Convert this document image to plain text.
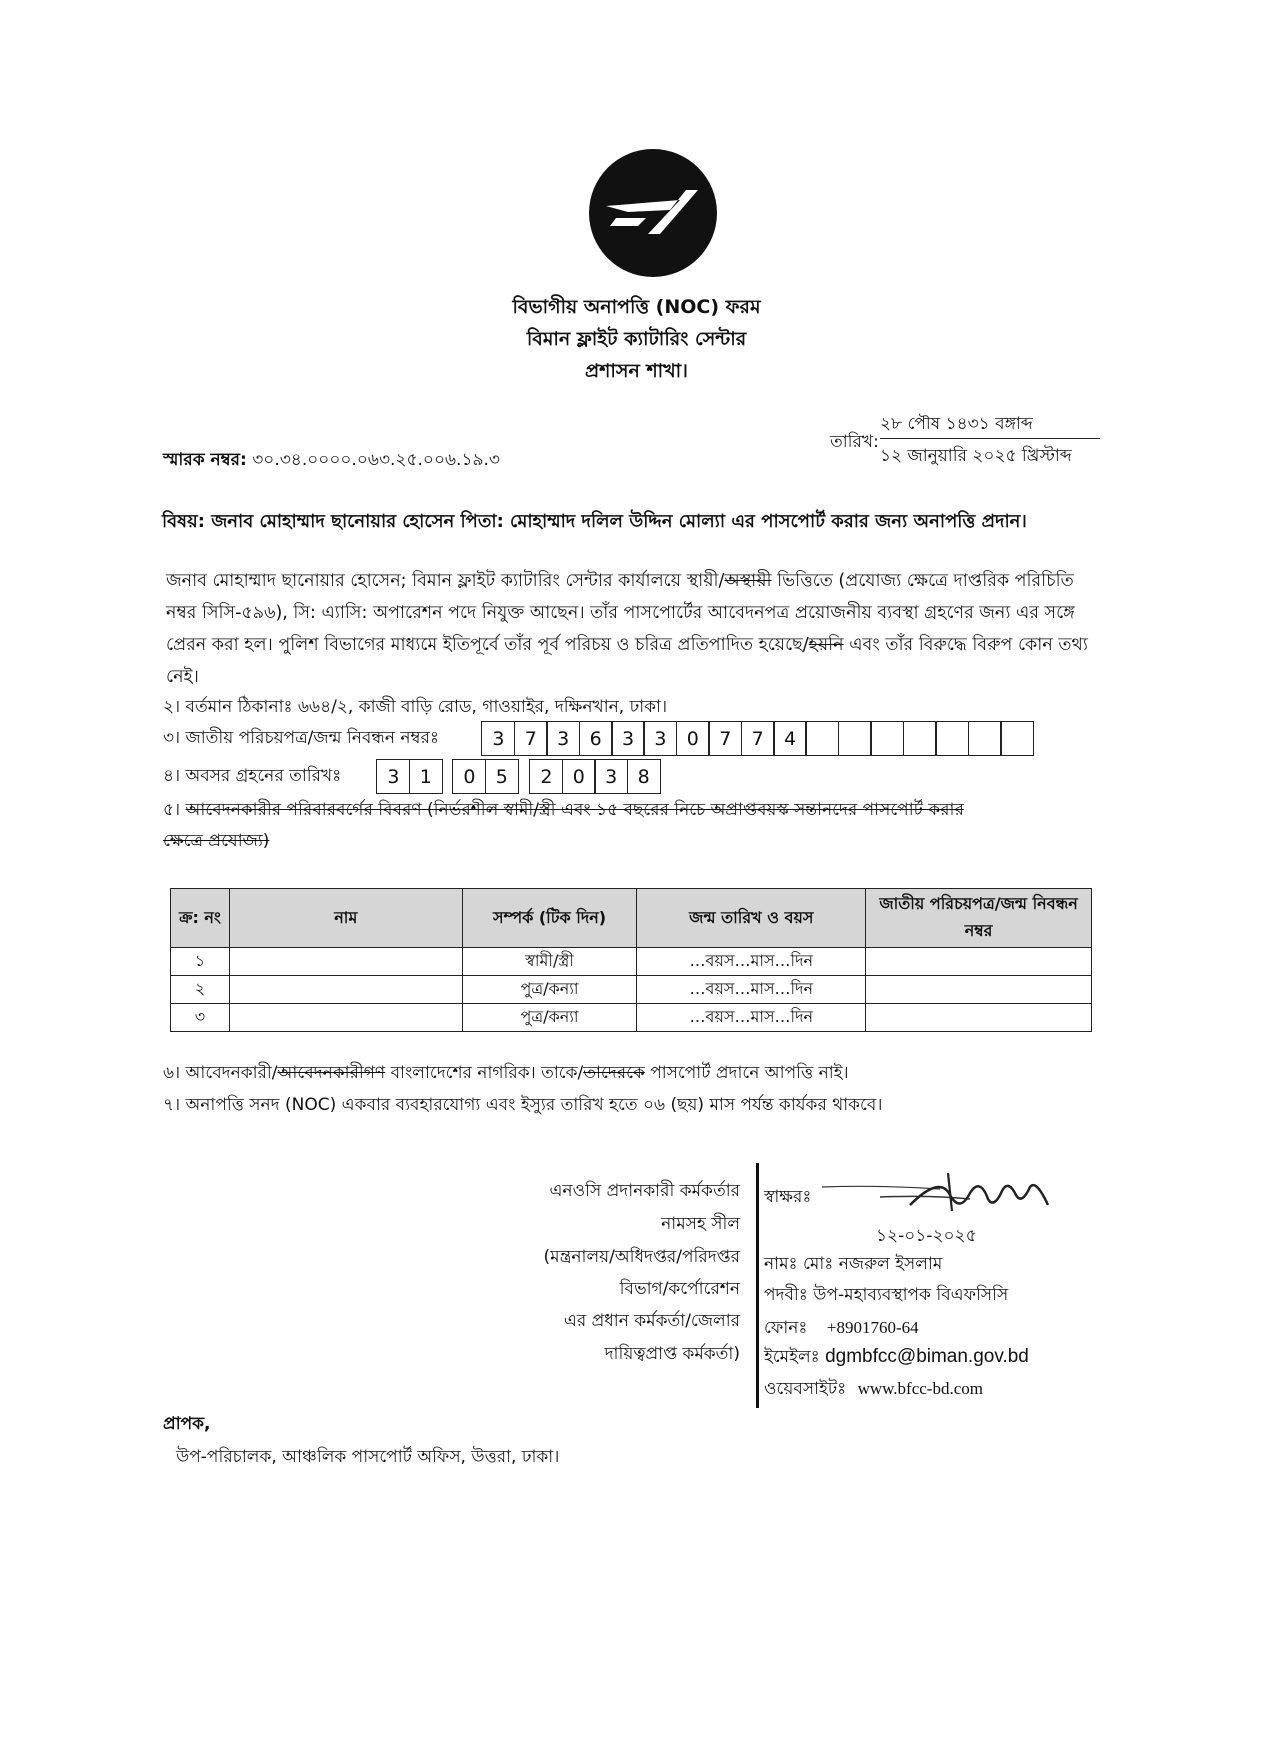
বিভাগীয় অনাপত্তি (NOC) ফরম
বিমান ফ্লাইট ক্যাটারিং সেন্টার
প্রশাসন শাখা।
স্মারক নম্বর: ৩০.৩৪.০০০০.০৬৩.২৫.০০৬.১৯.৩
তারিখ:
২৮ পৌষ ১৪৩১ বঙ্গাব্দ
১২ জানুয়ারি ২০২৫ খ্রিস্টাব্দ
বিষয়: জনাব মোহাম্মাদ ছানোয়ার হোসেন পিতা: মোহাম্মাদ দলিল উদ্দিন মোল্যা এর পাসপোর্ট করার জন্য অনাপত্তি প্রদান।
জনাব মোহাম্মাদ ছানোয়ার হোসেন; বিমান ফ্লাইট ক্যাটারিং সেন্টার কার্যালয়ে স্থায়ী/অস্থায়ী ভিত্তিতে (প্রযোজ্য ক্ষেত্রে দাপ্তরিক পরিচিতি নম্বর সিসি-৫৯৬), সি: এ্যাসি: অপারেশন পদে নিযুক্ত আছেন। তাঁর পাসপোর্টের আবেদনপত্র প্রয়োজনীয় ব্যবস্থা গ্রহণের জন্য এর সঙ্গে প্রেরন করা হল। পুলিশ বিভাগের মাধ্যমে ইতিপূর্বে তাঁর পূর্ব পরিচয় ও চরিত্র প্রতিপাদিত হয়েছে/হয়নি এবং তাঁর বিরুদ্ধে বিরুপ কোন তথ্য নেই।
২। বর্তমান ঠিকানাঃ ৬৬৪/২, কাজী বাড়ি রোড, গাওয়াইর, দক্ষিনখান, ঢাকা।
৩। জাতীয় পরিচয়পত্র/জন্ম নিবন্ধন নম্বরঃ	3	7	3	6	3	3	0	7	7	4
৪। অবসর গ্রহনের তারিখঃ	3	1	0	5	2	0	3	8
৫। আবেদনকারীর পরিবারবর্গের বিবরণ (নির্ভরশীল স্বামী/স্ত্রী এবং ১৫ বছরের নিচে অপ্রাপ্তবয়স্ক সন্তানদের পাসপোর্ট করার
ক্ষেত্রে প্রযোজ্য)
ক্র: নং	নাম	সম্পর্ক (টিক দিন)	জন্ম তারিখ ও বয়স	জাতীয় পরিচয়পত্র/জন্ম নিবন্ধন নম্বর
১		স্বামী/স্ত্রী	…বয়স…মাস…দিন	
২		পুত্র/কন্যা	…বয়স…মাস…দিন	
৩		পুত্র/কন্যা	…বয়স…মাস…দিন	
৬। আবেদনকারী/আবেদনকারীগণ বাংলাদেশের নাগরিক। তাকে/তাদেরকে পাসপোর্ট প্রদানে আপত্তি নাই।
৭। অনাপত্তি সনদ (NOC) একবার ব্যবহারযোগ্য এবং ইস্যুর তারিখ হতে ০৬ (ছয়) মাস পর্যন্ত কার্যকর থাকবে।
এনওসি প্রদানকারী কর্মকর্তার
নামসহ সীল
(মন্ত্রনালয়/অধিদপ্তর/পরিদপ্তর
বিভাগ/কর্পোরেশন
এর প্রধান কর্মকর্তা/জেলার
দায়িত্বপ্রাপ্ত কর্মকর্তা)
স্বাক্ষরঃ
১২-০১-২০২৫
নামঃ মোঃ নজরুল ইসলাম
পদবীঃ উপ-মহাব্যবস্থাপক বিএফসিসি
ফোনঃ +8901760-64
ইমেইলঃ dgmbfcc@biman.gov.bd
ওয়েবসাইটঃ www.bfcc-bd.com
প্রাপক,
উপ-পরিচালক, আঞ্চলিক পাসপোর্ট অফিস, উত্তরা, ঢাকা।
